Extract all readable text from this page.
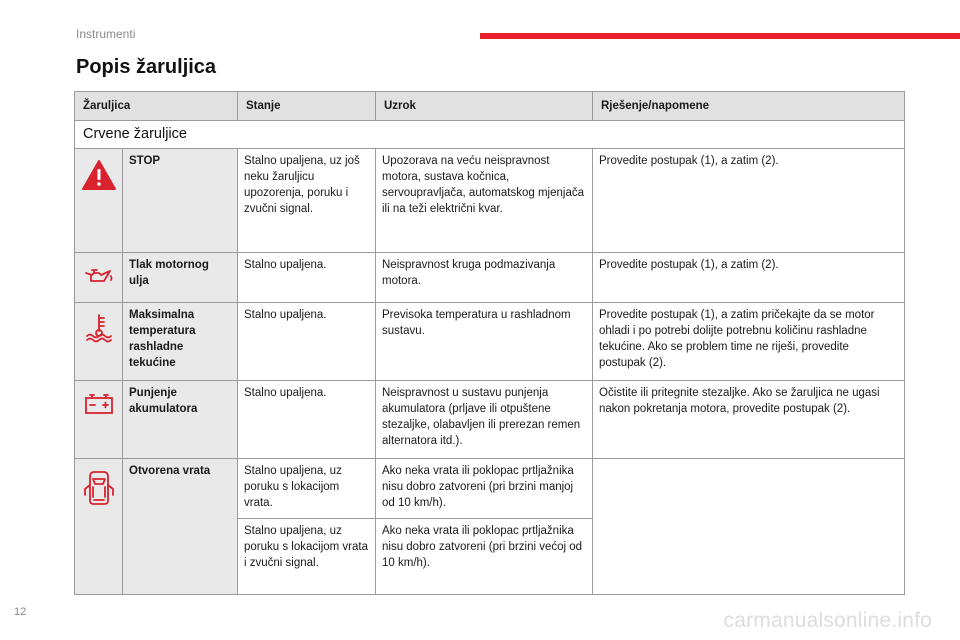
Instrumenti
Popis žaruljica
Žaruljica		Stanje	Uzrok	Rješenje/napomene
Crvene žaruljice				

	STOP	Stalno upaljena, uz još neku žaruljicu upozorenja, poruku i zvučni signal.	Upozorava na veću neispravnost motora, sustava kočnica, servoupravljača, automatskog mjenjača ili na teži električni kvar.	Provedite postupak (1), a zatim (2).

	Tlak motornog ulja	Stalno upaljena.	Neispravnost kruga podmazivanja motora.	Provedite postupak (1), a zatim (2).

	Maksimalna temperatura rashladne tekućine	Stalno upaljena.	Previsoka temperatura u rashladnom sustavu.	Provedite postupak (1), a zatim pričekajte da se motor ohladi i po potrebi dolijte potrebnu količinu rashladne tekućine. Ako se problem time ne riješi, provedite postupak (2).

	Punjenje akumulatora	Stalno upaljena.	Neispravnost u sustavu punjenja akumulatora (prljave ili otpuštene stezaljke, olabavljen ili prerezan remen alternatora itd.).	Očistite ili pritegnite stezaljke. Ako se žaruljica ne ugasi nakon pokretanja motora, provedite postupak (2).

	Otvorena vrata	Stalno upaljena, uz poruku s lokacijom vrata.	Ako neka vrata ili poklopac prtljažnika nisu dobro zatvoreni (pri brzini manjoj od 10 km/h).	
		Stalno upaljena, uz poruku s lokacijom vrata i zvučni signal.	Ako neka vrata ili poklopac prtljažnika nisu dobro zatvoreni (pri brzini većoj od 10 km/h).	
12	carmanualsonline.info
